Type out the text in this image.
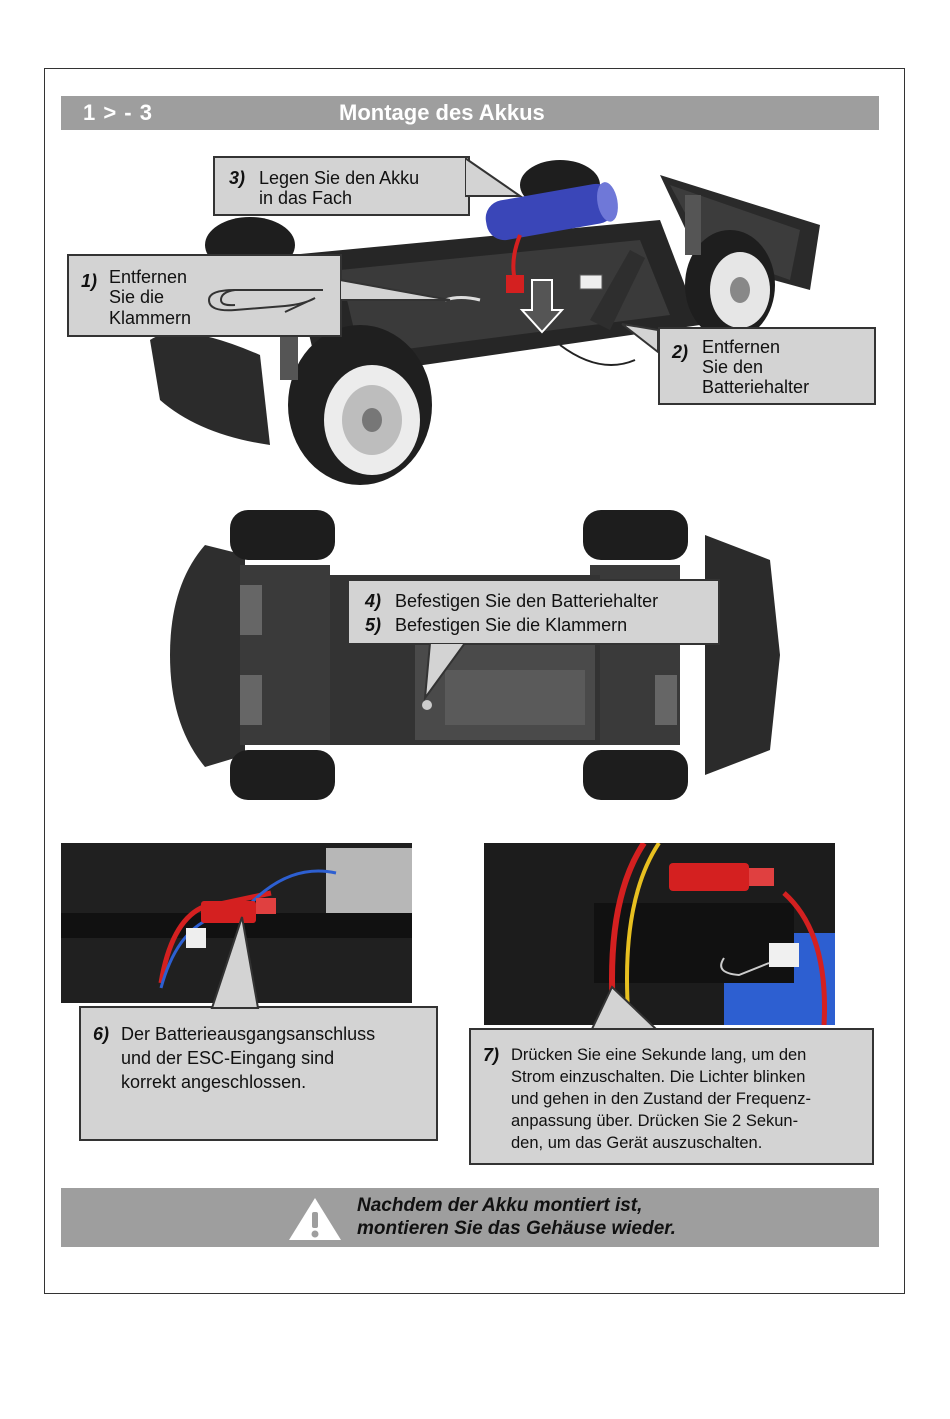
1 > - 3	Montage des Akkus
3) Legen Sie den Akku
in das Fach
1) Entfernen
Sie die
Klammern
2) Entfernen
Sie den
Batteriehalter
4) Befestigen Sie den Batteriehalter
5) Befestigen Sie die Klammern
6) Der Batterieausgangsanschluss
und der ESC-Eingang sind
korrekt angeschlossen.
7) Drücken Sie eine Sekunde lang, um den
Strom einzuschalten. Die Lichter blinken
und gehen in den Zustand der Frequenz-
anpassung über. Drücken Sie 2 Sekun-
den, um das Gerät auszuschalten.
Nachdem der Akku montiert ist,
montieren Sie das Gehäuse wieder.
